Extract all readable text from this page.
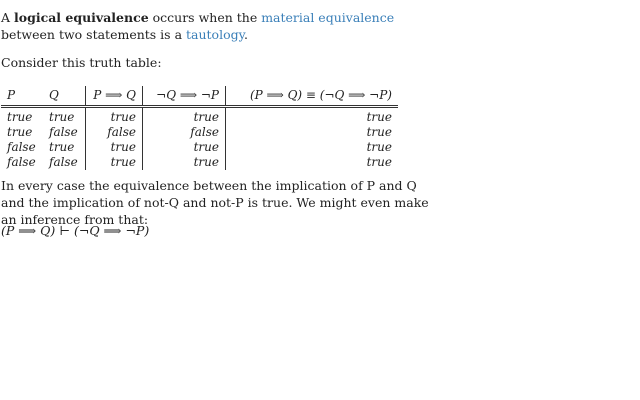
A logical equivalence occurs when the material equivalence between two statements is a tautology.

Consider this truth table:

P	Q	P ⟹ Q	¬Q ⟹ ¬P	(P ⟹ Q) ≡ (¬Q ⟹ ¬P)
true	true	true	true	true
true	false	false	false	true
false	true	true	true	true
false	false	true	true	true

In every case the equivalence between the implication of P and Q and the implication of not-Q and not-P is true. We might even make an inference from that:

(P ⟹ Q) ⊢ (¬Q ⟹ ¬P)
